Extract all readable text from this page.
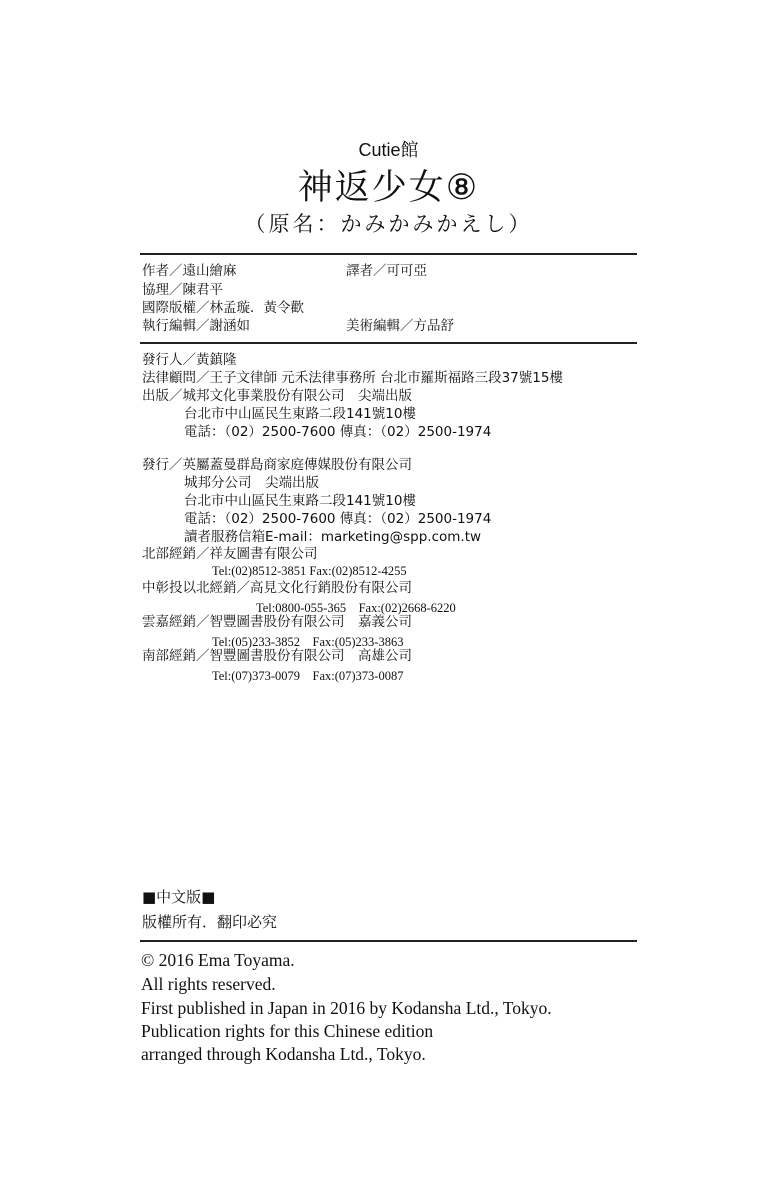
Cutie館
神返少女⑧
（原名：かみかみかえし）
作者／遠山繪麻	譯者／可可亞
協理／陳君平
國際版權／林孟璇．黃令歡
執行編輯／謝涵如	美術編輯／方品舒
發行人／黃鎮隆
法律顧問／王子文律師 元禾法律事務所 台北市羅斯福路三段37號15樓
出版／城邦文化事業股份有限公司　尖端出版
台北市中山區民生東路二段141號10樓
電話：（02）2500-7600 傳真：（02）2500-1974
發行／英屬蓋曼群島商家庭傳媒股份有限公司
城邦分公司　尖端出版
台北市中山區民生東路二段141號10樓
電話：（02）2500-7600 傳真：（02）2500-1974
讀者服務信箱E-mail：marketing@spp.com.tw
北部經銷／祥友圖書有限公司
Tel:(02)8512-3851 Fax:(02)8512-4255
中彰投以北經銷／高見文化行銷股份有限公司
Tel:0800-055-365　Fax:(02)2668-6220
雲嘉經銷／智豐圖書股份有限公司　嘉義公司
Tel:(05)233-3852　Fax:(05)233-3863
南部經銷／智豐圖書股份有限公司　高雄公司
Tel:(07)373-0079　Fax:(07)373-0087
■中文版■
版權所有．翻印必究
© 2016 Ema Toyama.
All rights reserved.
First published in Japan in 2016 by Kodansha Ltd., Tokyo.
Publication rights for this Chinese edition
arranged through Kodansha Ltd., Tokyo.
